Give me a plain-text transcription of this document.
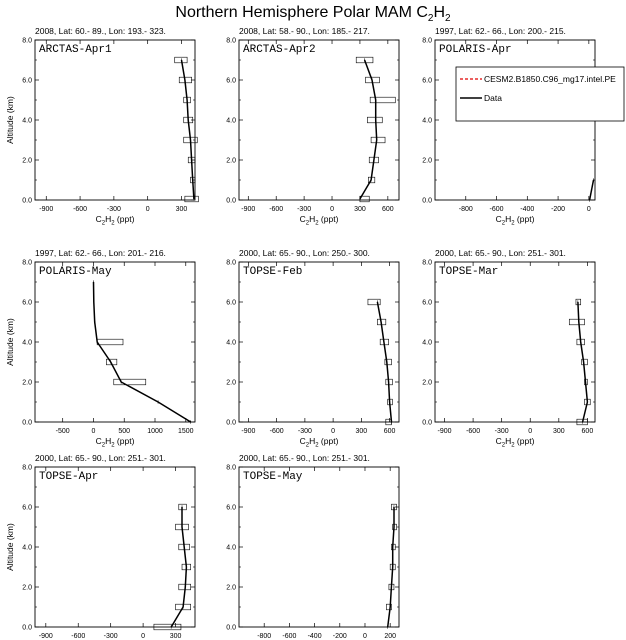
Northern Hemisphere Polar MAM $C_2H_2$
2008, Lat: 60.- 89., Lon: 193.- 323.
0.0
2.0
4.0
6.0
8.0
-900	-600	-300	0	300
$C_2H_2$ (ppt)
Altitude (km)
ARCTAS-Apr1
2008, Lat: 58.- 90., Lon: 185.- 217.
0.0
2.0
4.0
6.0
8.0
-900 -600 -300	0	300 600
$C_2H_2$ (ppt)
ARCTAS-Apr2
1997, Lat: 62.- 66., Lon: 200.- 215.
0.0
2.0
4.0
6.0
8.0
-800 -600 -400 -200	0
$C_2H_2$ (ppt)
POLARIS-Apr
1997, Lat: 62.- 66., Lon: 201.- 216.
0.0
2.0
4.0
6.0
8.0
-500	0	500 1000 1500
$C_2H_2$ (ppt)
Altitude (km)
POLARIS-May
2000, Lat: 65.- 90., Lon: 250.- 300.
0.0
2.0
4.0
6.0
8.0
-900 -600 -300	0	300 600
$C_2H_2$ (ppt)
TOPSE-Feb
2000, Lat: 65.- 90., Lon: 251.- 301.
0.0
2.0
4.0
6.0
8.0
-900 -600 -300	0	300 600
$C_2H_2$ (ppt)
TOPSE-Mar
2000, Lat: 65.- 90., Lon: 251.- 301.
0.0
2.0
4.0
6.0
8.0
-900	-600	-300	0	300
Altitude (km)
TOPSE-Apr
2000, Lat: 65.- 90., Lon: 251.- 301.
0.0
2.0
4.0
6.0
8.0
-800 -600 -400 -200 0 200
TOPSE-May
CESM2.B1850.C96_mg17.intel.PE
Data
